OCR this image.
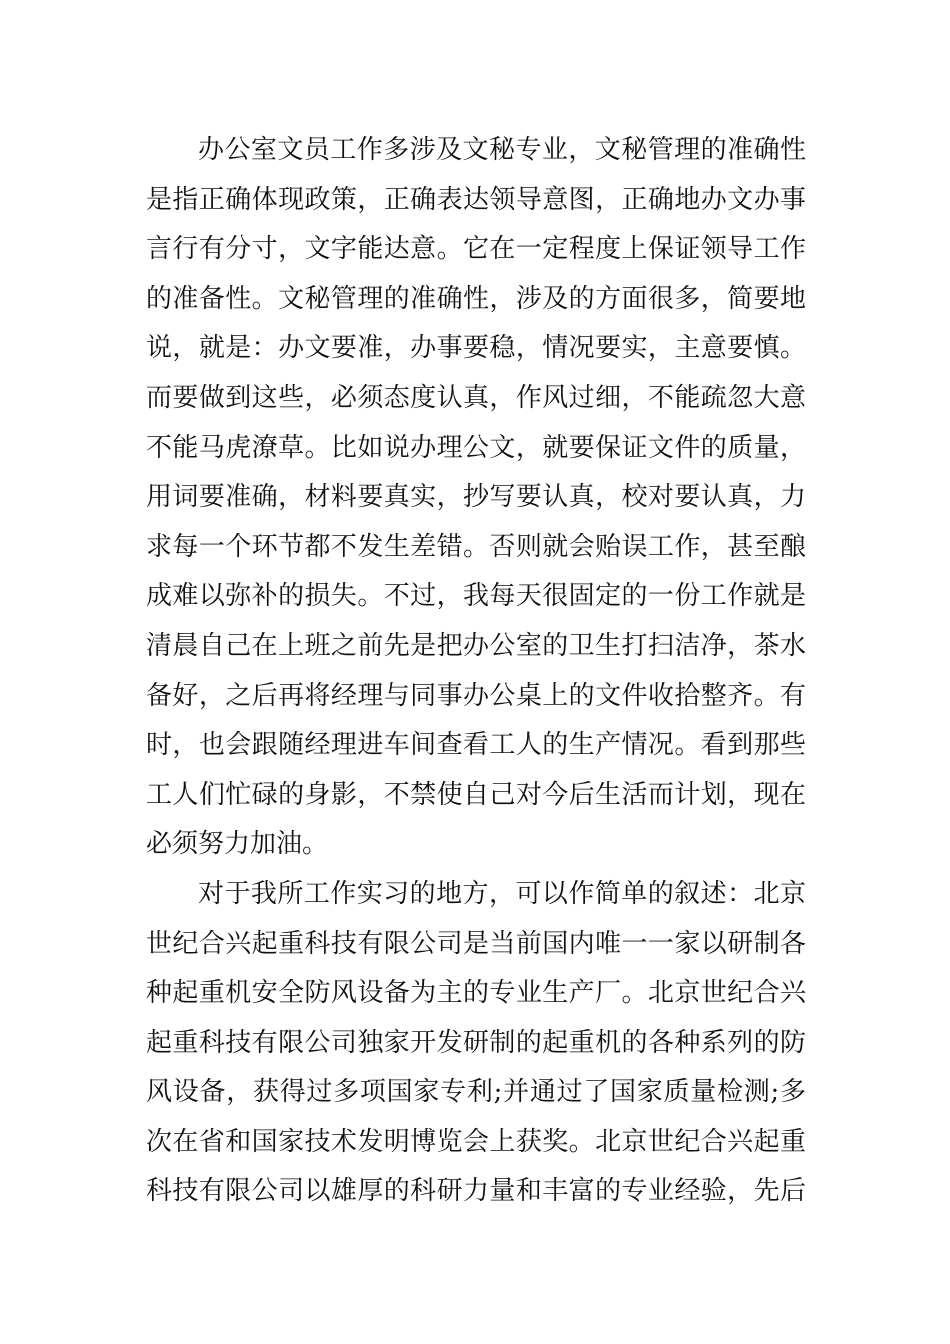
办公室文员工作多涉及文秘专业，文秘管理的准确性
是指正确体现政策，正确表达领导意图，正确地办文办事
言行有分寸，文字能达意。它在一定程度上保证领导工作
的准备性。文秘管理的准确性，涉及的方面很多，简要地
说，就是：办文要准，办事要稳，情况要实，主意要慎。
而要做到这些，必须态度认真，作风过细，不能疏忽大意
不能马虎潦草。比如说办理公文，就要保证文件的质量，
用词要准确，材料要真实，抄写要认真，校对要认真，力
求每一个环节都不发生差错。否则就会贻误工作，甚至酿
成难以弥补的损失。不过，我每天很固定的一份工作就是
清晨自己在上班之前先是把办公室的卫生打扫洁净，茶水
备好，之后再将经理与同事办公桌上的文件收拾整齐。有
时，也会跟随经理进车间查看工人的生产情况。看到那些
工人们忙碌的身影，不禁使自己对今后生活而计划，现在
必须努力加油。
对于我所工作实习的地方，可以作简单的叙述：北京
世纪合兴起重科技有限公司是当前国内唯一一家以研制各
种起重机安全防风设备为主的专业生产厂。北京世纪合兴
起重科技有限公司独家开发研制的起重机的各种系列的防
风设备，获得过多项国家专利;并通过了国家质量检测;多
次在省和国家技术发明博览会上获奖。北京世纪合兴起重
科技有限公司以雄厚的科研力量和丰富的专业经验，先后
